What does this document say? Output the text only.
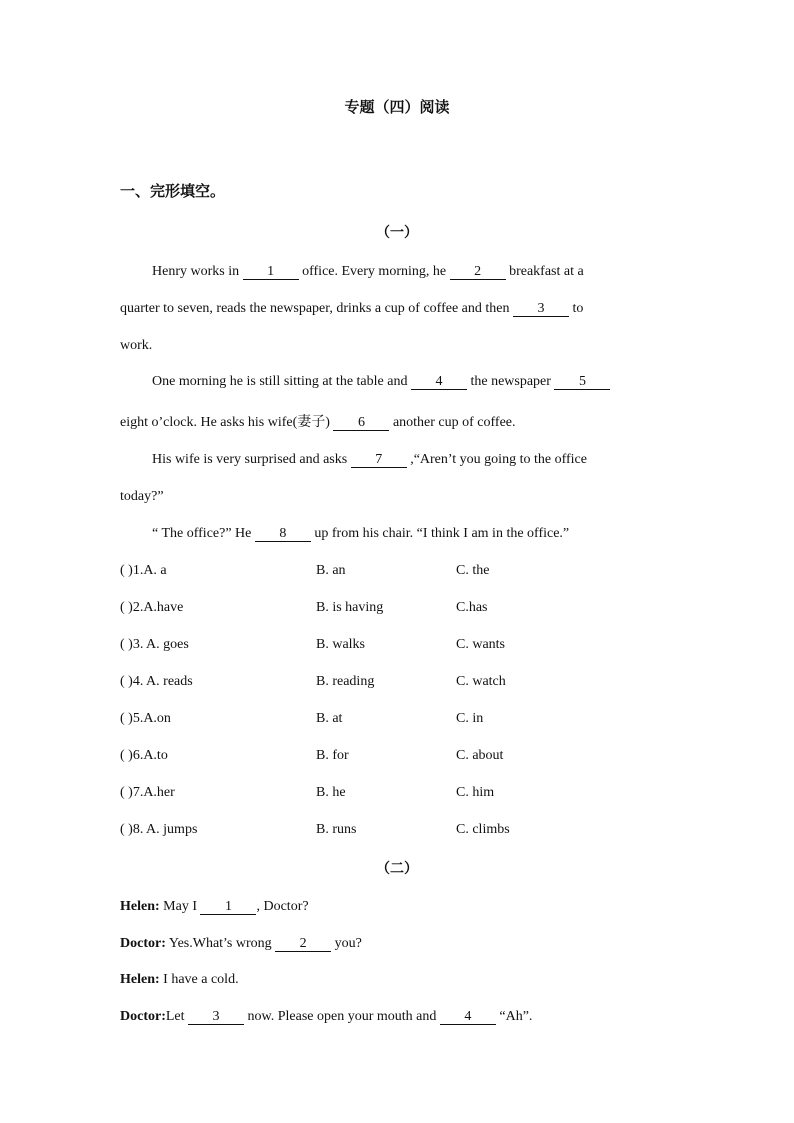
专题（四）阅读
一、完形填空。
（一）
Henry works in 1 office. Every morning, he 2 breakfast at a
quarter to seven, reads the newspaper, drinks a cup of coffee and then 3 to
work.
One morning he is still sitting at the table and 4 the newspaper 5
eight o’clock. He asks his wife(妻子) 6 another cup of coffee.
His wife is very surprised and asks 7 ,“Aren’t you going to the office
today?”
“ The office?” He 8 up from his chair. “I think I am in the office.”
( )1.A. a	B. an	C. the
( )2.A.have	B. is having	C.has
( )3. A. goes	B. walks	C. wants
( )4. A. reads	B. reading	C. watch
( )5.A.on	B. at	C. in
( )6.A.to	B. for	C. about
( )7.A.her	B. he	C. him
( )8. A. jumps	B. runs	C. climbs
（二）
Helen: May I 1 , Doctor?
Doctor: Yes.What’s wrong 2 you?
Helen: I have a cold.
Doctor:Let 3 now. Please open your mouth and 4 “Ah”.
